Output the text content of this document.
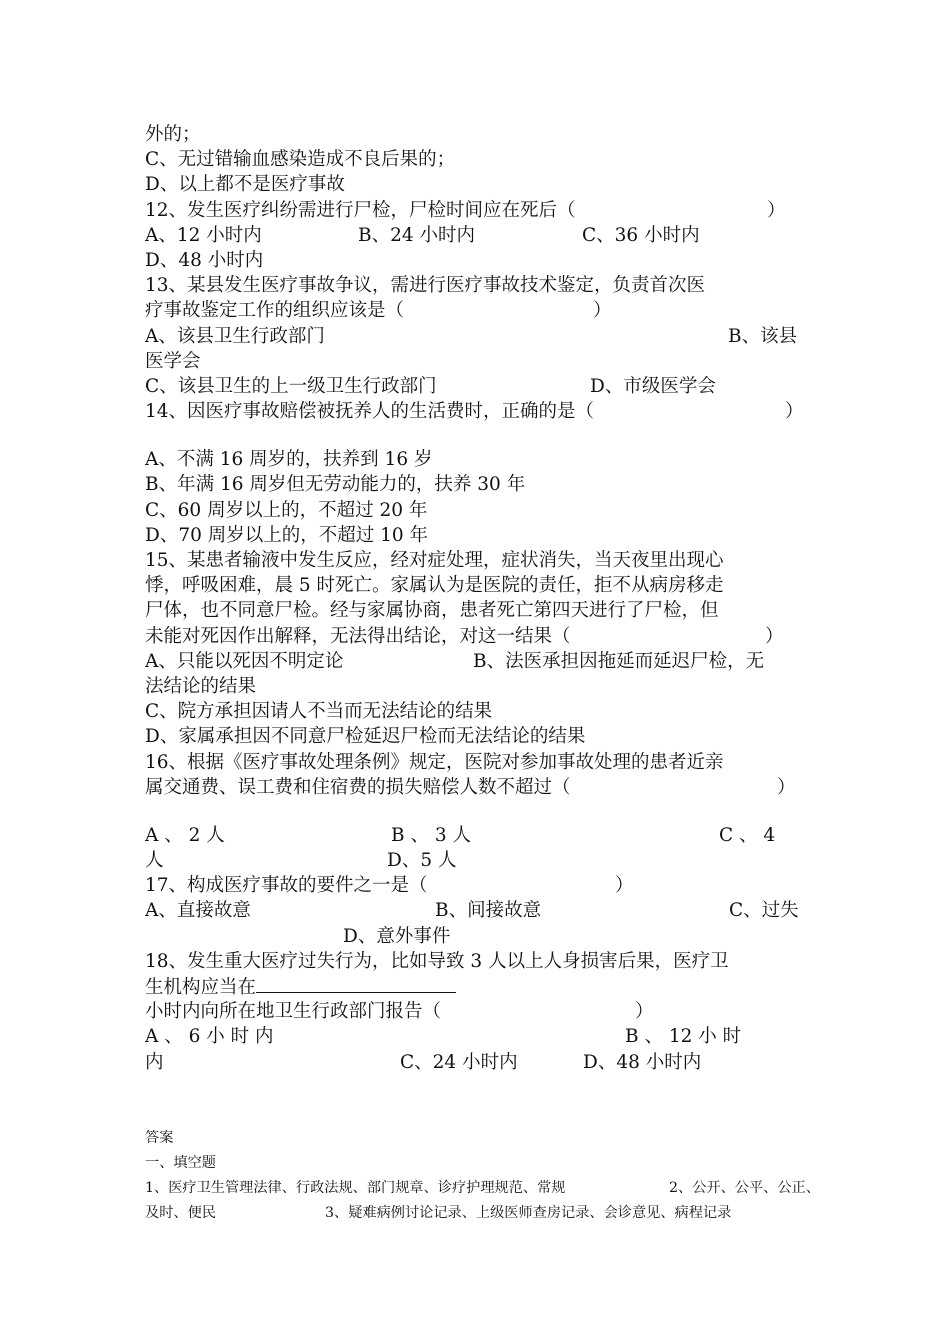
外的；
C、无过错输血感染造成不良后果的；
D、以上都不是医疗事故
12、发生医疗纠纷需进行尸检，尸检时间应在死后（	）
A、12 小时内	B、24 小时内	C、36 小时内
D、48 小时内
13、某县发生医疗事故争议，需进行医疗事故技术鉴定，负责首次医
疗事故鉴定工作的组织应该是（	）
A、该县卫生行政部门	B、该县
医学会
C、该县卫生的上一级卫生行政部门	D、市级医学会
14、因医疗事故赔偿被抚养人的生活费时，正确的是（	）
A、不满 16 周岁的，扶养到 16 岁
B、年满 16 周岁但无劳动能力的，扶养 30 年
C、60 周岁以上的，不超过 20 年
D、70 周岁以上的，不超过 10 年
15、某患者输液中发生反应，经对症处理，症状消失，当天夜里出现心
悸，呼吸困难，晨 5 时死亡。家属认为是医院的责任，拒不从病房移走
尸体，也不同意尸检。经与家属协商，患者死亡第四天进行了尸检，但
未能对死因作出解释，无法得出结论，对这一结果（	）
A、只能以死因不明定论	B、法医承担因拖延而延迟尸检，无
法结论的结果
C、院方承担因请人不当而无法结论的结果
D、家属承担因不同意尸检延迟尸检而无法结论的结果
16、根据《医疗事故处理条例》规定，医院对参加事故处理的患者近亲
属交通费、误工费和住宿费的损失赔偿人数不超过（	）
A 、 2 人	B 、 3 人	C 、 4
人	D、5 人
17、构成医疗事故的要件之一是（	）
A、直接故意	B、间接故意	C、过失
D、意外事件
18、发生重大医疗过失行为，比如导致 3 人以上人身损害后果，医疗卫
生机构应当在
小时内向所在地卫生行政部门报告（	）
A 、 6 小 时 内	B 、 12 小 时
内	C、24 小时内	D、48 小时内
答案
一、填空题
1、医疗卫生管理法律、行政法规、部门规章、诊疗护理规范、常规	2、公开、公平、公正、
及时、便民	3、疑难病例讨论记录、上级医师查房记录、会诊意见、病程记录
